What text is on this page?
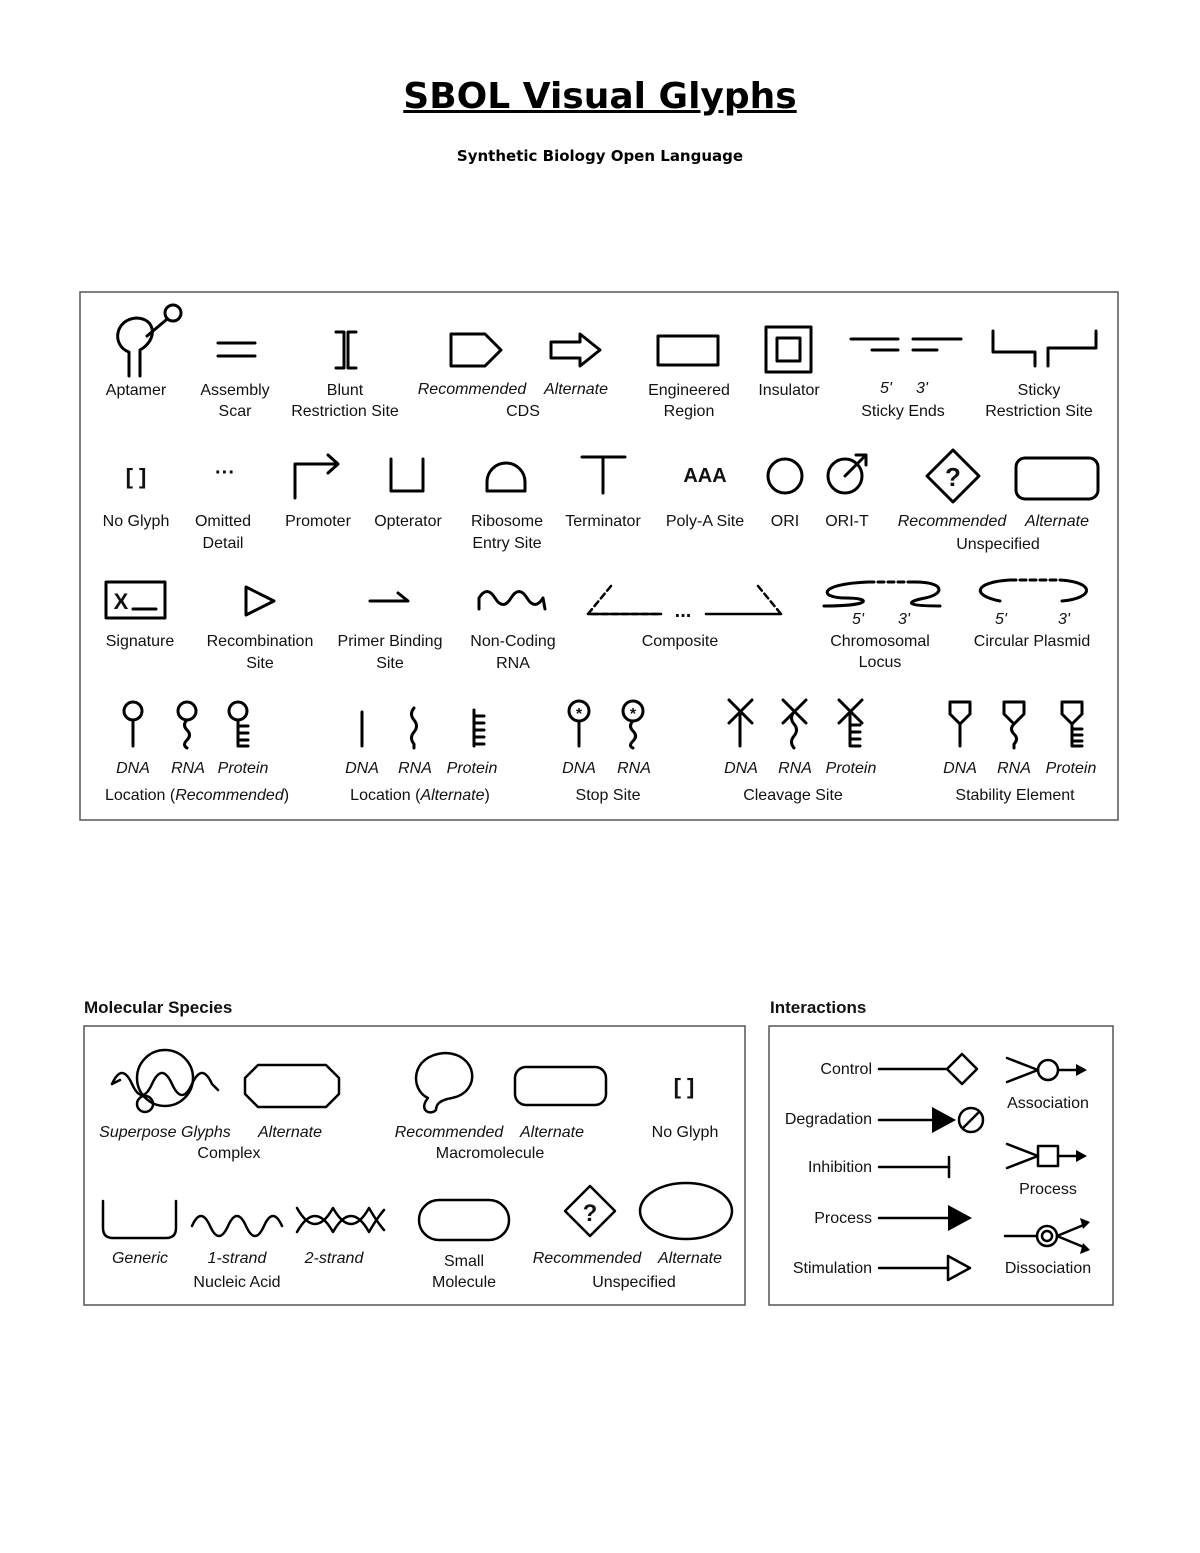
SBOL Visual Glyphs
Synthetic Biology Open Language
Aptamer Assembly
Scar
Blunt
Restriction Site
Recommended Alternate
CDS
Engineered
Region
Insulator	5' 3'
Sticky Ends
Sticky
Restriction Site
[ ]
No Glyph
···
Omitted
Detail
Promoter Opterator Ribosome
Entry Site
Terminator
AAA
Poly-A Site ORI ORI-T
?
Recommended Alternate
Unspecified
X
Signature Recombination
Site
Primer Binding
Site
Non-Coding
RNA
...
Composite
5' 3'
Chromosomal
Locus
5'	3'
Circular Plasmid
DNA RNA Protein
Location (Recommended)
DNA RNA Protein
Location (Alternate)
*	*
DNA RNA
Stop Site
DNA RNA Protein
Cleavage Site
DNA RNA Protein
Stability Element
Molecular Species
Superpose Glyphs Alternate
Complex
Recommended Alternate
Macromolecule
[ ]
No Glyph
Generic 1-strand 2-strand
Nucleic Acid
Small
Molecule
?
Recommended Alternate
Unspecified
Interactions
Control
Degradation
Inhibition
Process
Stimulation
Association
Process
Dissociation
